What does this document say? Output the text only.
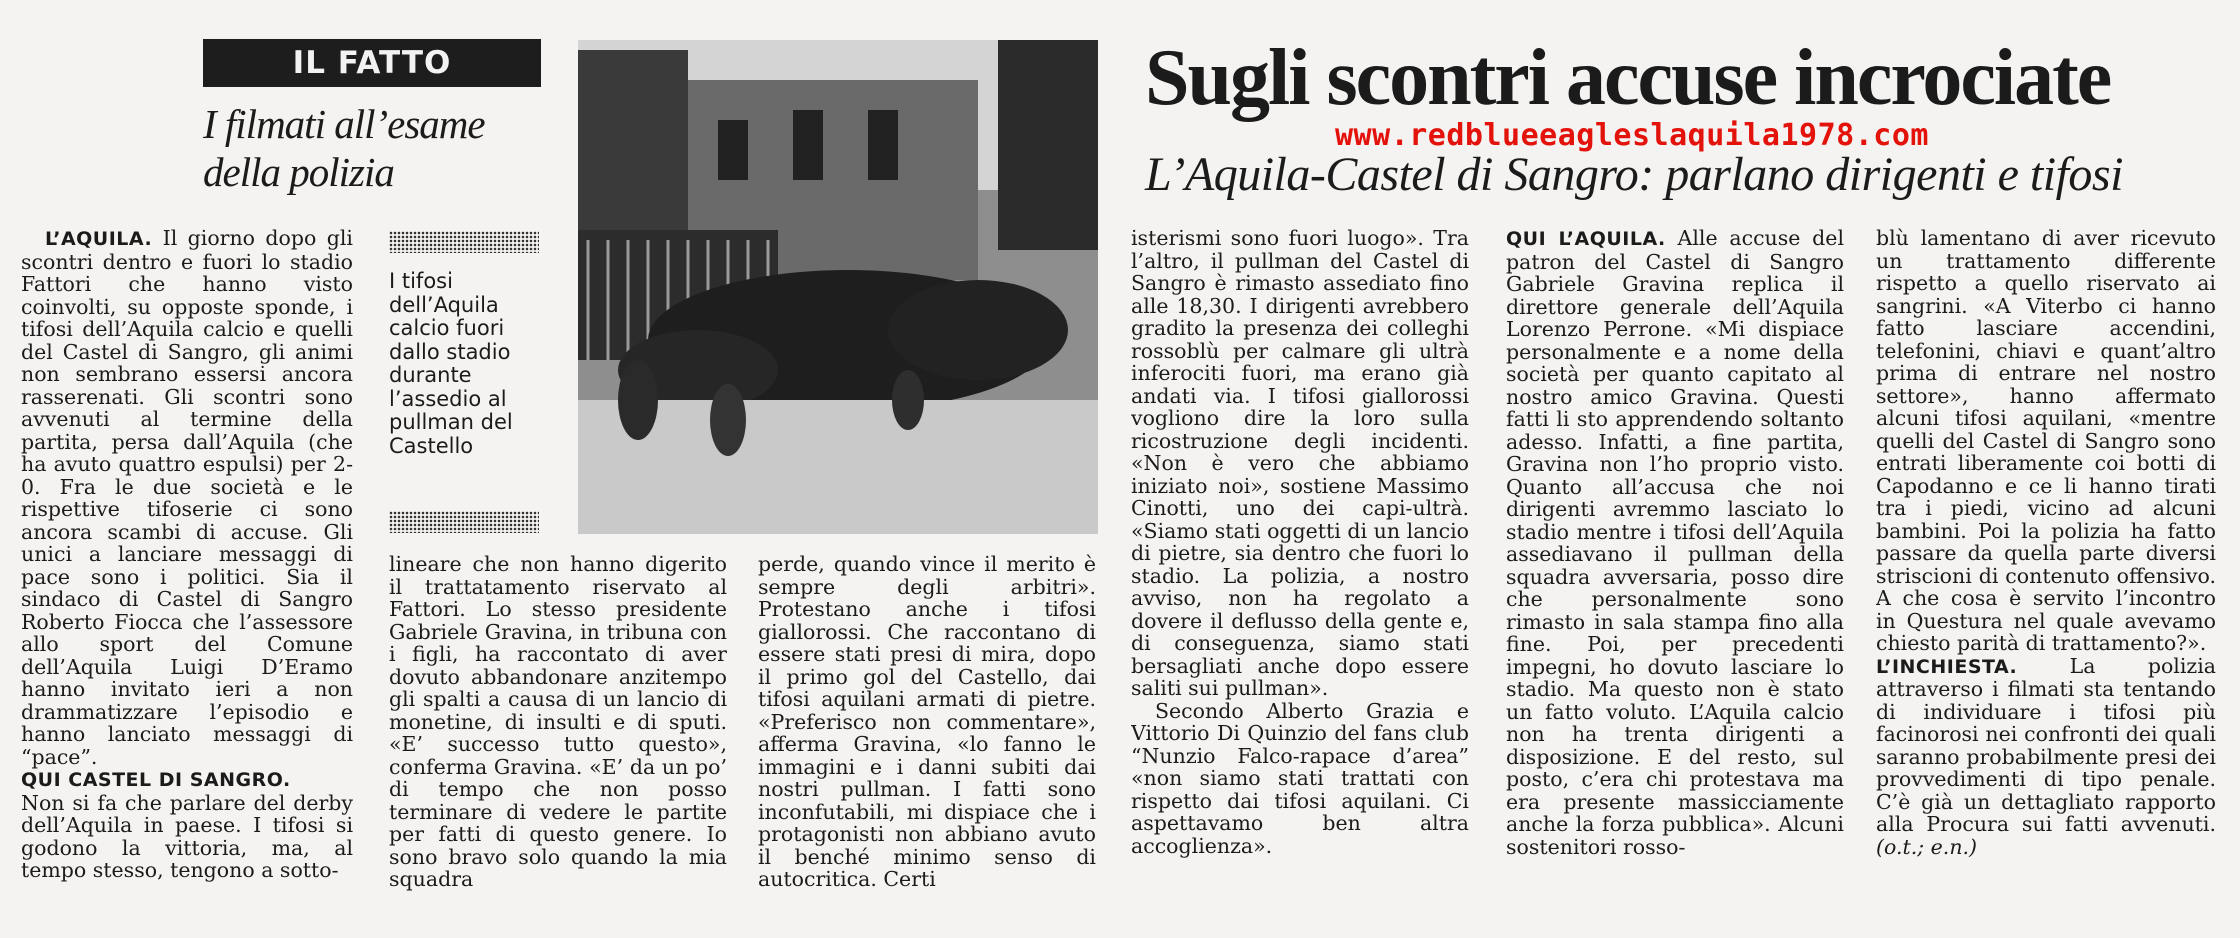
IL FATTO
I filmati all’esame della polizia
I tifosi dell’Aquila calcio fuori dallo stadio durante l’assedio al pullman del Castello
Sugli scontri accuse incrociate
www.redblueeagleslaquila1978.com
L’Aquila-Castel di Sangro: parlano dirigenti e tifosi

L’AQUILA. Il giorno dopo gli scontri dentro e fuori lo stadio Fattori che hanno visto coinvolti, su opposte sponde, i tifosi dell’Aquila calcio e quelli del Castel di Sangro, gli animi non sembrano essersi ancora rasserenati. Gli scontri sono avvenuti al termine della partita, persa dall’Aquila (che ha avuto quattro espulsi) per 2-0. Fra le due società e le rispettive tifoserie ci sono ancora scambi di accuse. Gli unici a lanciare messaggi di pace sono i politici. Sia il sindaco di Castel di Sangro Roberto Fiocca che l’assessore allo sport del Comune dell’Aquila Luigi D’Eramo hanno invitato ieri a non drammatizzare l’episodio e hanno lanciato messaggi di “pace”.

QUI CASTEL DI SANGRO.

Non si fa che parlare del derby dell’Aquila in paese. I tifosi si godono la vittoria, ma, al tempo stesso, tengono a sotto-

lineare che non hanno digerito il trattatamento riservato al Fattori. Lo stesso presidente Gabriele Gravina, in tribuna con i figli, ha raccontato di aver dovuto abbandonare anzitempo gli spalti a causa di un lancio di monetine, di insulti e di sputi. «E’ successo tutto questo», conferma Gravina. «E’ da un po’ di tempo che non posso terminare di vedere le partite per fatti di questo genere. Io sono bravo solo quando la mia squadra

perde, quando vince il merito è sempre degli arbitri». Protestano anche i tifosi giallorossi. Che raccontano di essere stati presi di mira, dopo il primo gol del Castello, dai tifosi aquilani armati di pietre. «Preferisco non commentare», afferma Gravina, «lo fanno le immagini e i danni subiti dai nostri pullman. I fatti sono inconfutabili, mi dispiace che i protagonisti non abbiano avuto il benché minimo senso di autocritica. Certi

isterismi sono fuori luogo». Tra l’altro, il pullman del Castel di Sangro è rimasto assediato fino alle 18,30. I dirigenti avrebbero gradito la presenza dei colleghi rossoblù per calmare gli ultrà inferociti fuori, ma erano già andati via. I tifosi giallorossi vogliono dire la loro sulla ricostruzione degli incidenti. «Non è vero che abbiamo iniziato noi», sostiene Massimo Cinotti, uno dei capi-ultrà. «Siamo stati oggetti di un lancio di pietre, sia dentro che fuori lo stadio. La polizia, a nostro avviso, non ha regolato a dovere il deflusso della gente e, di conseguenza, siamo stati bersagliati anche dopo essere saliti sui pullman».

Secondo Alberto Grazia e Vittorio Di Quinzio del fans club “Nunzio Falco-rapace d’area” «non siamo stati trattati con rispetto dai tifosi aquilani. Ci aspettavamo ben altra accoglienza».

QUI L’AQUILA. Alle accuse del patron del Castel di Sangro Gabriele Gravina replica il direttore generale dell’Aquila Lorenzo Perrone. «Mi dispiace personalmente e a nome della società per quanto capitato al nostro amico Gravina. Questi fatti li sto apprendendo soltanto adesso. Infatti, a fine partita, Gravina non l’ho proprio visto. Quanto all’accusa che noi dirigenti avremmo lasciato lo stadio mentre i tifosi dell’Aquila assediavano il pullman della squadra avversaria, posso dire che personalmente sono rimasto in sala stampa fino alla fine. Poi, per precedenti impegni, ho dovuto lasciare lo stadio. Ma questo non è stato un fatto voluto. L’Aquila calcio non ha trenta dirigenti a disposizione. E del resto, sul posto, c’era chi protestava ma era presente massicciamente anche la forza pubblica». Alcuni sostenitori rosso-

blù lamentano di aver ricevuto un trattamento differente rispetto a quello riservato ai sangrini. «A Viterbo ci hanno fatto lasciare accendini, telefonini, chiavi e quant’altro prima di entrare nel nostro settore», hanno affermato alcuni tifosi aquilani, «mentre quelli del Castel di Sangro sono entrati liberamente coi botti di Capodanno e ce li hanno tirati tra i piedi, vicino ad alcuni bambini. Poi la polizia ha fatto passare da quella parte diversi striscioni di contenuto offensivo. A che cosa è servito l’incontro in Questura nel quale avevamo chiesto parità di trattamento?».

L’INCHIESTA.	La polizia attraverso i filmati sta tentando di individuare i tifosi più facinorosi nei confronti dei quali saranno probabilmente presi dei provvedimenti di tipo penale. C’è già un dettagliato rapporto alla Procura sui fatti avvenuti. (o.t.; e.n.)
